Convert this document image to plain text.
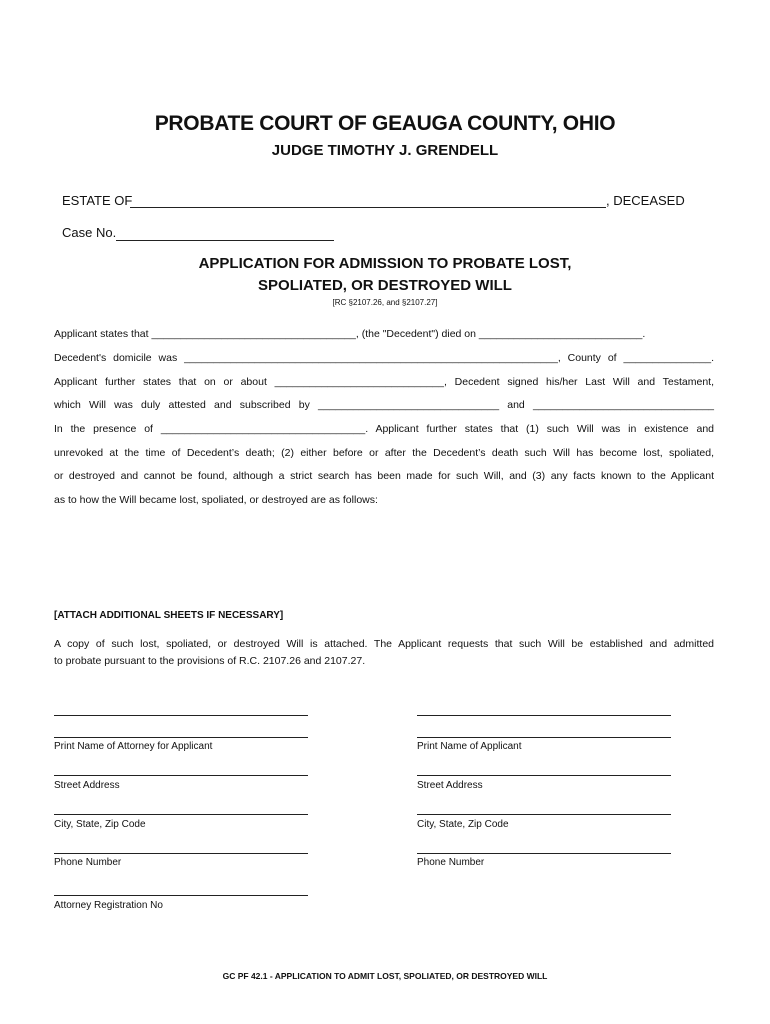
PROBATE COURT OF GEAUGA COUNTY, OHIO
JUDGE TIMOTHY J. GRENDELL
ESTATE OF	, DECEASED
Case No.
APPLICATION FOR ADMISSION TO PROBATE LOST,
SPOLIATED, OR DESTROYED WILL
[RC §2107.26, and §2107.27]
Applicant states that ___________________________________, (the "Decedent") died on ____________________________.
Decedent's domicile was ________________________________________________________________, County of _______________.
Applicant further states that on or about _____________________________, Decedent signed his/her Last Will and Testament,
which Will was duly attested and subscribed by _______________________________ and _______________________________
In the presence of ___________________________________. Applicant further states that (1) such Will was in existence and
unrevoked at the time of Decedent’s death; (2) either before or after the Decedent’s death such Will has become lost, spoliated,
or destroyed and cannot be found, although a strict search has been made for such Will, and (3) any facts known to the Applicant
as to how the Will became lost, spoliated, or destroyed are as follows:
[ATTACH ADDITIONAL SHEETS IF NECESSARY]
A copy of such lost, spoliated, or destroyed Will is attached. The Applicant requests that such Will be established and admitted
to probate pursuant to the provisions of R.C. 2107.26 and 2107.27.
Print Name of Attorney for Applicant
Street Address
City, State, Zip Code
Phone Number
Attorney Registration No
Print Name of Applicant
Street Address
City, State, Zip Code
Phone Number
GC PF 42.1 - APPLICATION TO ADMIT LOST, SPOLIATED, OR DESTROYED WILL
